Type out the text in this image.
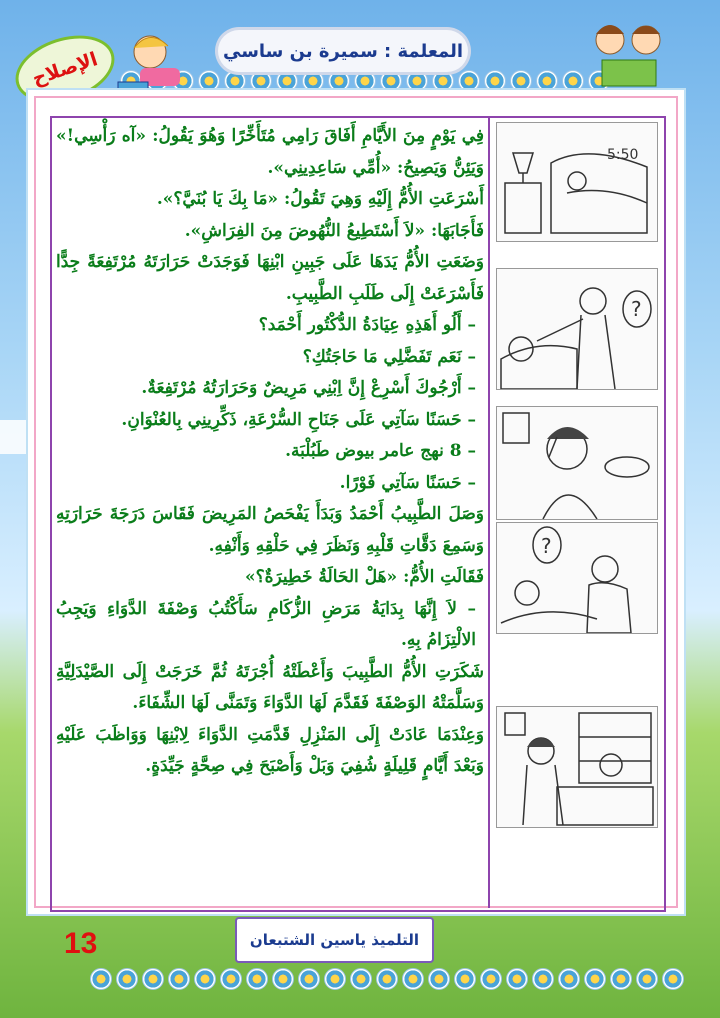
الإصلاح	المعلمة : سميرة بن ساسي

فِي يَوْمٍ مِنَ الأَيَّامِ أَفَاقَ رَامِي مُتَأَخِّرًا وَهُوَ يَقُولُ: «آه رَأْسِي!» وَيَئِنُّ وَيَصِيحُ: «أُمِّي سَاعِدِينِي».

أَسْرَعَتِ الأُمُّ إِلَيْهِ وَهِيَ تَقُولُ: «مَا بِكَ يَا بُنَيَّ؟».

فَأَجَابَهَا: «لاَ أَسْتَطِيعُ النُّهُوضَ مِنَ الفِرَاشِ».

وَضَعَتِ الأُمُّ يَدَهَا عَلَى جَبِينِ ابْنِهَا فَوَجَدَتْ حَرَارَتَهُ مُرْتَفِعَةً جِدًّا فَأَسْرَعَتْ إِلَى طَلَبِ الطَّبِيبِ.

– أَلُو أَهَذِهِ عِيَادَةُ الدُّكْتُور أَحْمَد؟

– نَعَم تَفَضَّلِي مَا حَاجَتُكِ؟

– أَرْجُوكَ أَسْرِعْ إِنَّ اِبْنِي مَرِيضٌ وَحَرَارَتُهُ مُرْتَفِعَةٌ.

– حَسَنًا سَآتِي عَلَى جَنَاحِ السُّرْعَةِ، ذَكِّرِينِي بِالعُنْوَانِ.

– 8 نهج عامر بيوض طَبُلْبَة.

– حَسَنًا سَآتِي فَوْرًا.

وَصَلَ الطَّبِيبُ أَحْمَدُ وَبَدَأَ يَفْحَصُ المَرِيضَ فَقَاسَ دَرَجَةَ حَرَارَتِهِ وَسَمِعَ دَقَّاتِ قَلْبِهِ وَنَظَرَ فِي حَلْقِهِ وَأَنْفِهِ.

فَقَالَتِ الأُمُّ: «هَلْ الحَالَةُ خَطِيرَةٌ؟»

– لاَ إِنَّهَا بِدَايَةُ مَرَضِ الزُّكَامِ سَأَكْتُبُ وَصْفَةَ الدَّوَاءِ وَيَجِبُ الالْتِزَامُ بِهِ.

شَكَرَتِ الأُمُّ الطَّبِيبَ وَأَعْطَتْهُ أُجْرَتَهُ ثُمَّ خَرَجَتْ إِلَى الصَّيْدَلِيَّةِ وَسَلَّمَتْهُ الوَصْفَةَ فَقَدَّمَ لَهَا الدَّوَاءَ وَتَمَنَّى لَهَا الشِّفَاءَ.

وَعِنْدَمَا عَادَتْ إِلَى المَنْزِلِ قَدَّمَتِ الدَّوَاءَ لِابْنِهَا وَوَاظَبَ عَلَيْهِ وَبَعْدَ أَيَّامٍ قَلِيلَةٍ شُفِيَ وَبَلْ وَأَصْبَحَ فِي صِحَّةٍ جَيِّدَةٍ.

5:50
?
?
التلميذ ياسين الشتبعان
13
